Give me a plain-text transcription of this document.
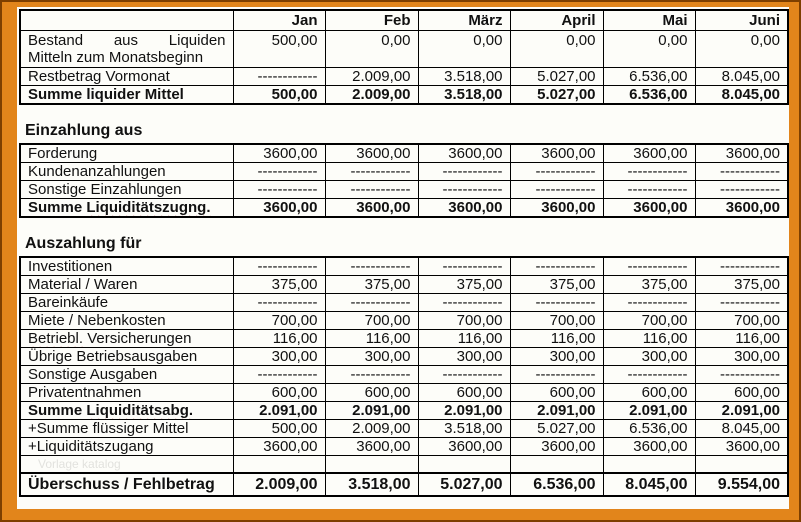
	Jan	Feb	März	April	Mai	Juni

Bestand aus Liquiden
Mitteln zum Monatsbeginn	500,00	0,00	0,00	0,00	0,00	0,00
Restbetrag Vormonat	------------	2.009,00	3.518,00	5.027,00	6.536,00	8.045,00
Summe liquider Mittel	500,00	2.009,00	3.518,00	5.027,00	6.536,00	8.045,00
Einzahlung aus
Forderung	3600,00	3600,00	3600,00	3600,00	3600,00	3600,00
Kundenanzahlungen	------------	------------	------------	------------	------------	------------
Sonstige Einzahlungen	------------	------------	------------	------------	------------	------------
Summe Liquiditätszugng.	3600,00	3600,00	3600,00	3600,00	3600,00	3600,00
Auszahlung für
Investitionen	------------	------------	------------	------------	------------	------------
Material / Waren	375,00	375,00	375,00	375,00	375,00	375,00
Bareinkäufe	------------	------------	------------	------------	------------	------------
Miete / Nebenkosten	700,00	700,00	700,00	700,00	700,00	700,00
Betriebl. Versicherungen	116,00	116,00	116,00	116,00	116,00	116,00
Übrige Betriebsausgaben	300,00	300,00	300,00	300,00	300,00	300,00
Sonstige Ausgaben	------------	------------	------------	------------	------------	------------
Privatentnahmen	600,00	600,00	600,00	600,00	600,00	600,00
Summe Liquiditätsabg.	2.091,00	2.091,00	2.091,00	2.091,00	2.091,00	2.091,00
+Summe flüssiger Mittel	500,00	2.009,00	3.518,00	5.027,00	6.536,00	8.045,00
+Liquiditätszugang	3600,00	3600,00	3600,00	3600,00	3600,00	3600,00
Vorlage katalog						
Überschuss / Fehlbetrag	2.009,00	3.518,00	5.027,00	6.536,00	8.045,00	9.554,00
